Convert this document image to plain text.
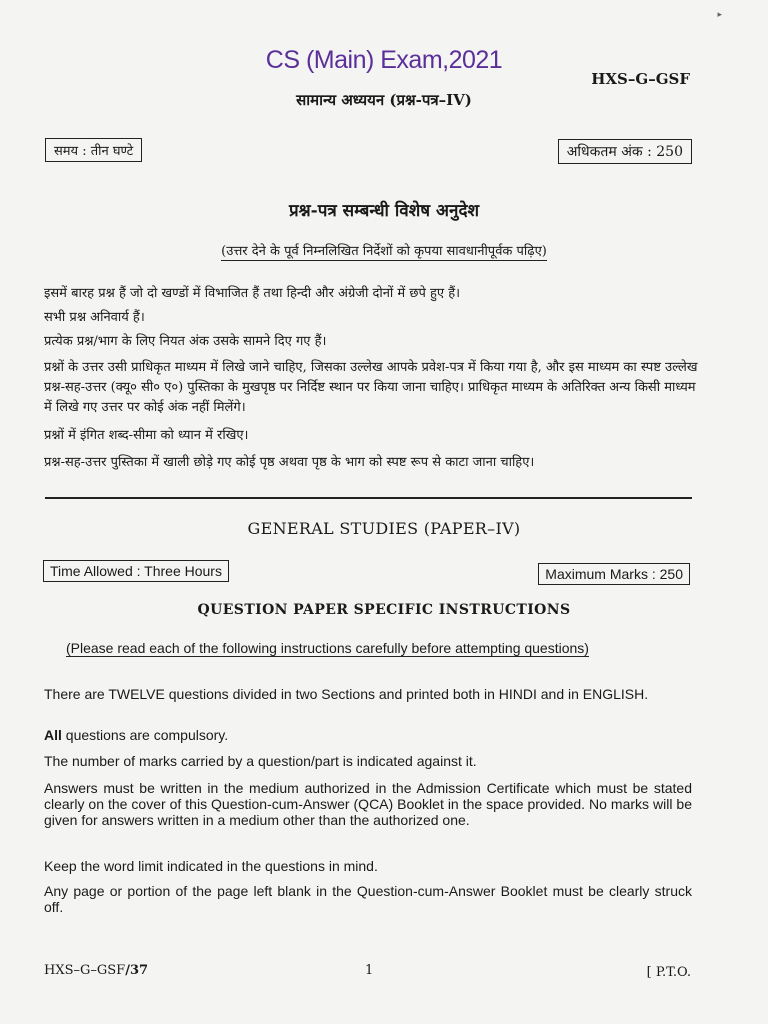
▸
CS (Main) Exam,2021
HXS–G–GSF
सामान्य अध्ययन (प्रश्न-पत्र–IV)
समय : तीन घण्टे	अधिकतम अंक : 250
प्रश्न-पत्र सम्बन्धी विशेष अनुदेश
(उत्तर देने के पूर्व निम्नलिखित निर्देशों को कृपया सावधानीपूर्वक पढ़िए)
इसमें बारह प्रश्न हैं जो दो खण्डों में विभाजित हैं तथा हिन्दी और अंग्रेजी दोनों में छपे हुए हैं।
सभी प्रश्न अनिवार्य हैं।
प्रत्येक प्रश्न/भाग के लिए नियत अंक उसके सामने दिए गए हैं।
प्रश्नों के उत्तर उसी प्राधिकृत माध्यम में लिखे जाने चाहिए, जिसका उल्लेख आपके प्रवेश-पत्र में किया गया है, और इस माध्यम का स्पष्ट उल्लेख प्रश्न-सह-उत्तर (क्यू० सी० ए०) पुस्तिका के मुखपृष्ठ पर निर्दिष्ट स्थान पर किया जाना चाहिए। प्राधिकृत माध्यम के अतिरिक्त अन्य किसी माध्यम में लिखे गए उत्तर पर कोई अंक नहीं मिलेंगे।
प्रश्नों में इंगित शब्द-सीमा को ध्यान में रखिए।
प्रश्न-सह-उत्तर पुस्तिका में खाली छोड़े गए कोई पृष्ठ अथवा पृष्ठ के भाग को स्पष्ट रूप से काटा जाना चाहिए।
GENERAL STUDIES (PAPER–IV)
Time Allowed : Three Hours	Maximum Marks : 250
QUESTION PAPER SPECIFIC INSTRUCTIONS
(Please read each of the following instructions carefully before attempting questions)
There are TWELVE questions divided in two Sections and printed both in HINDI and in ENGLISH.
All questions are compulsory.
The number of marks carried by a question/part is indicated against it.
Answers must be written in the medium authorized in the Admission Certificate which must be stated clearly on the cover of this Question-cum-Answer (QCA) Booklet in the space provided. No marks will be given for answers written in a medium other than the authorized one.
Keep the word limit indicated in the questions in mind.
Any page or portion of the page left blank in the Question-cum-Answer Booklet must be clearly struck off.
HXS–G–GSF/37	1	[ P.T.O.
